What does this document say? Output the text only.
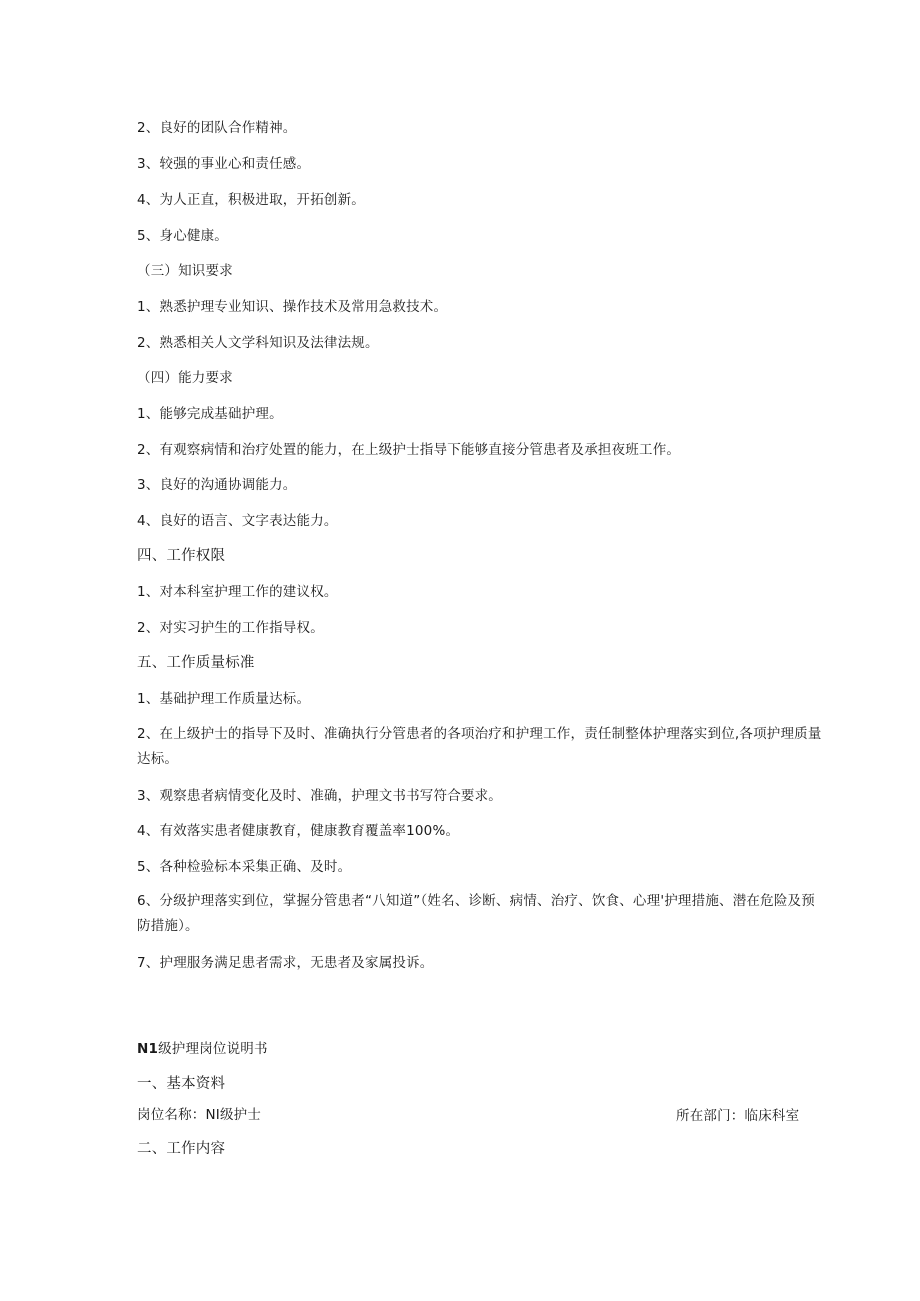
2、良好的团队合作精神。
3、较强的事业心和责任感。
4、为人正直，积极进取，开拓创新。
5、身心健康。
（三）知识要求
1、熟悉护理专业知识、操作技术及常用急救技术。
2、熟悉相关人文学科知识及法律法规。
（四）能力要求
1、能够完成基础护理。
2、有观察病情和治疗处置的能力，在上级护士指导下能够直接分管患者及承担夜班工作。
3、良好的沟通协调能力。
4、良好的语言、文字表达能力。
四、工作权限
1、对本科室护理工作的建议权。
2、对实习护生的工作指导权。
五、工作质量标准
1、基础护理工作质量达标。
2、在上级护士的指导下及时、准确执行分管患者的各项治疗和护理工作，责任制整体护理落实到位,各项护理质量达标。
3、观察患者病情变化及时、准确，护理文书书写符合要求。
4、有效落实患者健康教育，健康教育覆盖率100%。
5、各种检验标本采集正确、及时。
6、分级护理落实到位，掌握分管患者“八知道”（姓名、诊断、病情、治疗、饮食、心理'护理措施、潜在危险及预防措施）。
7、护理服务满足患者需求，无患者及家属投诉。
N1级护理岗位说明书
一、基本资料
岗位名称：NI级护士	所在部门：临床科室
二、工作内容
